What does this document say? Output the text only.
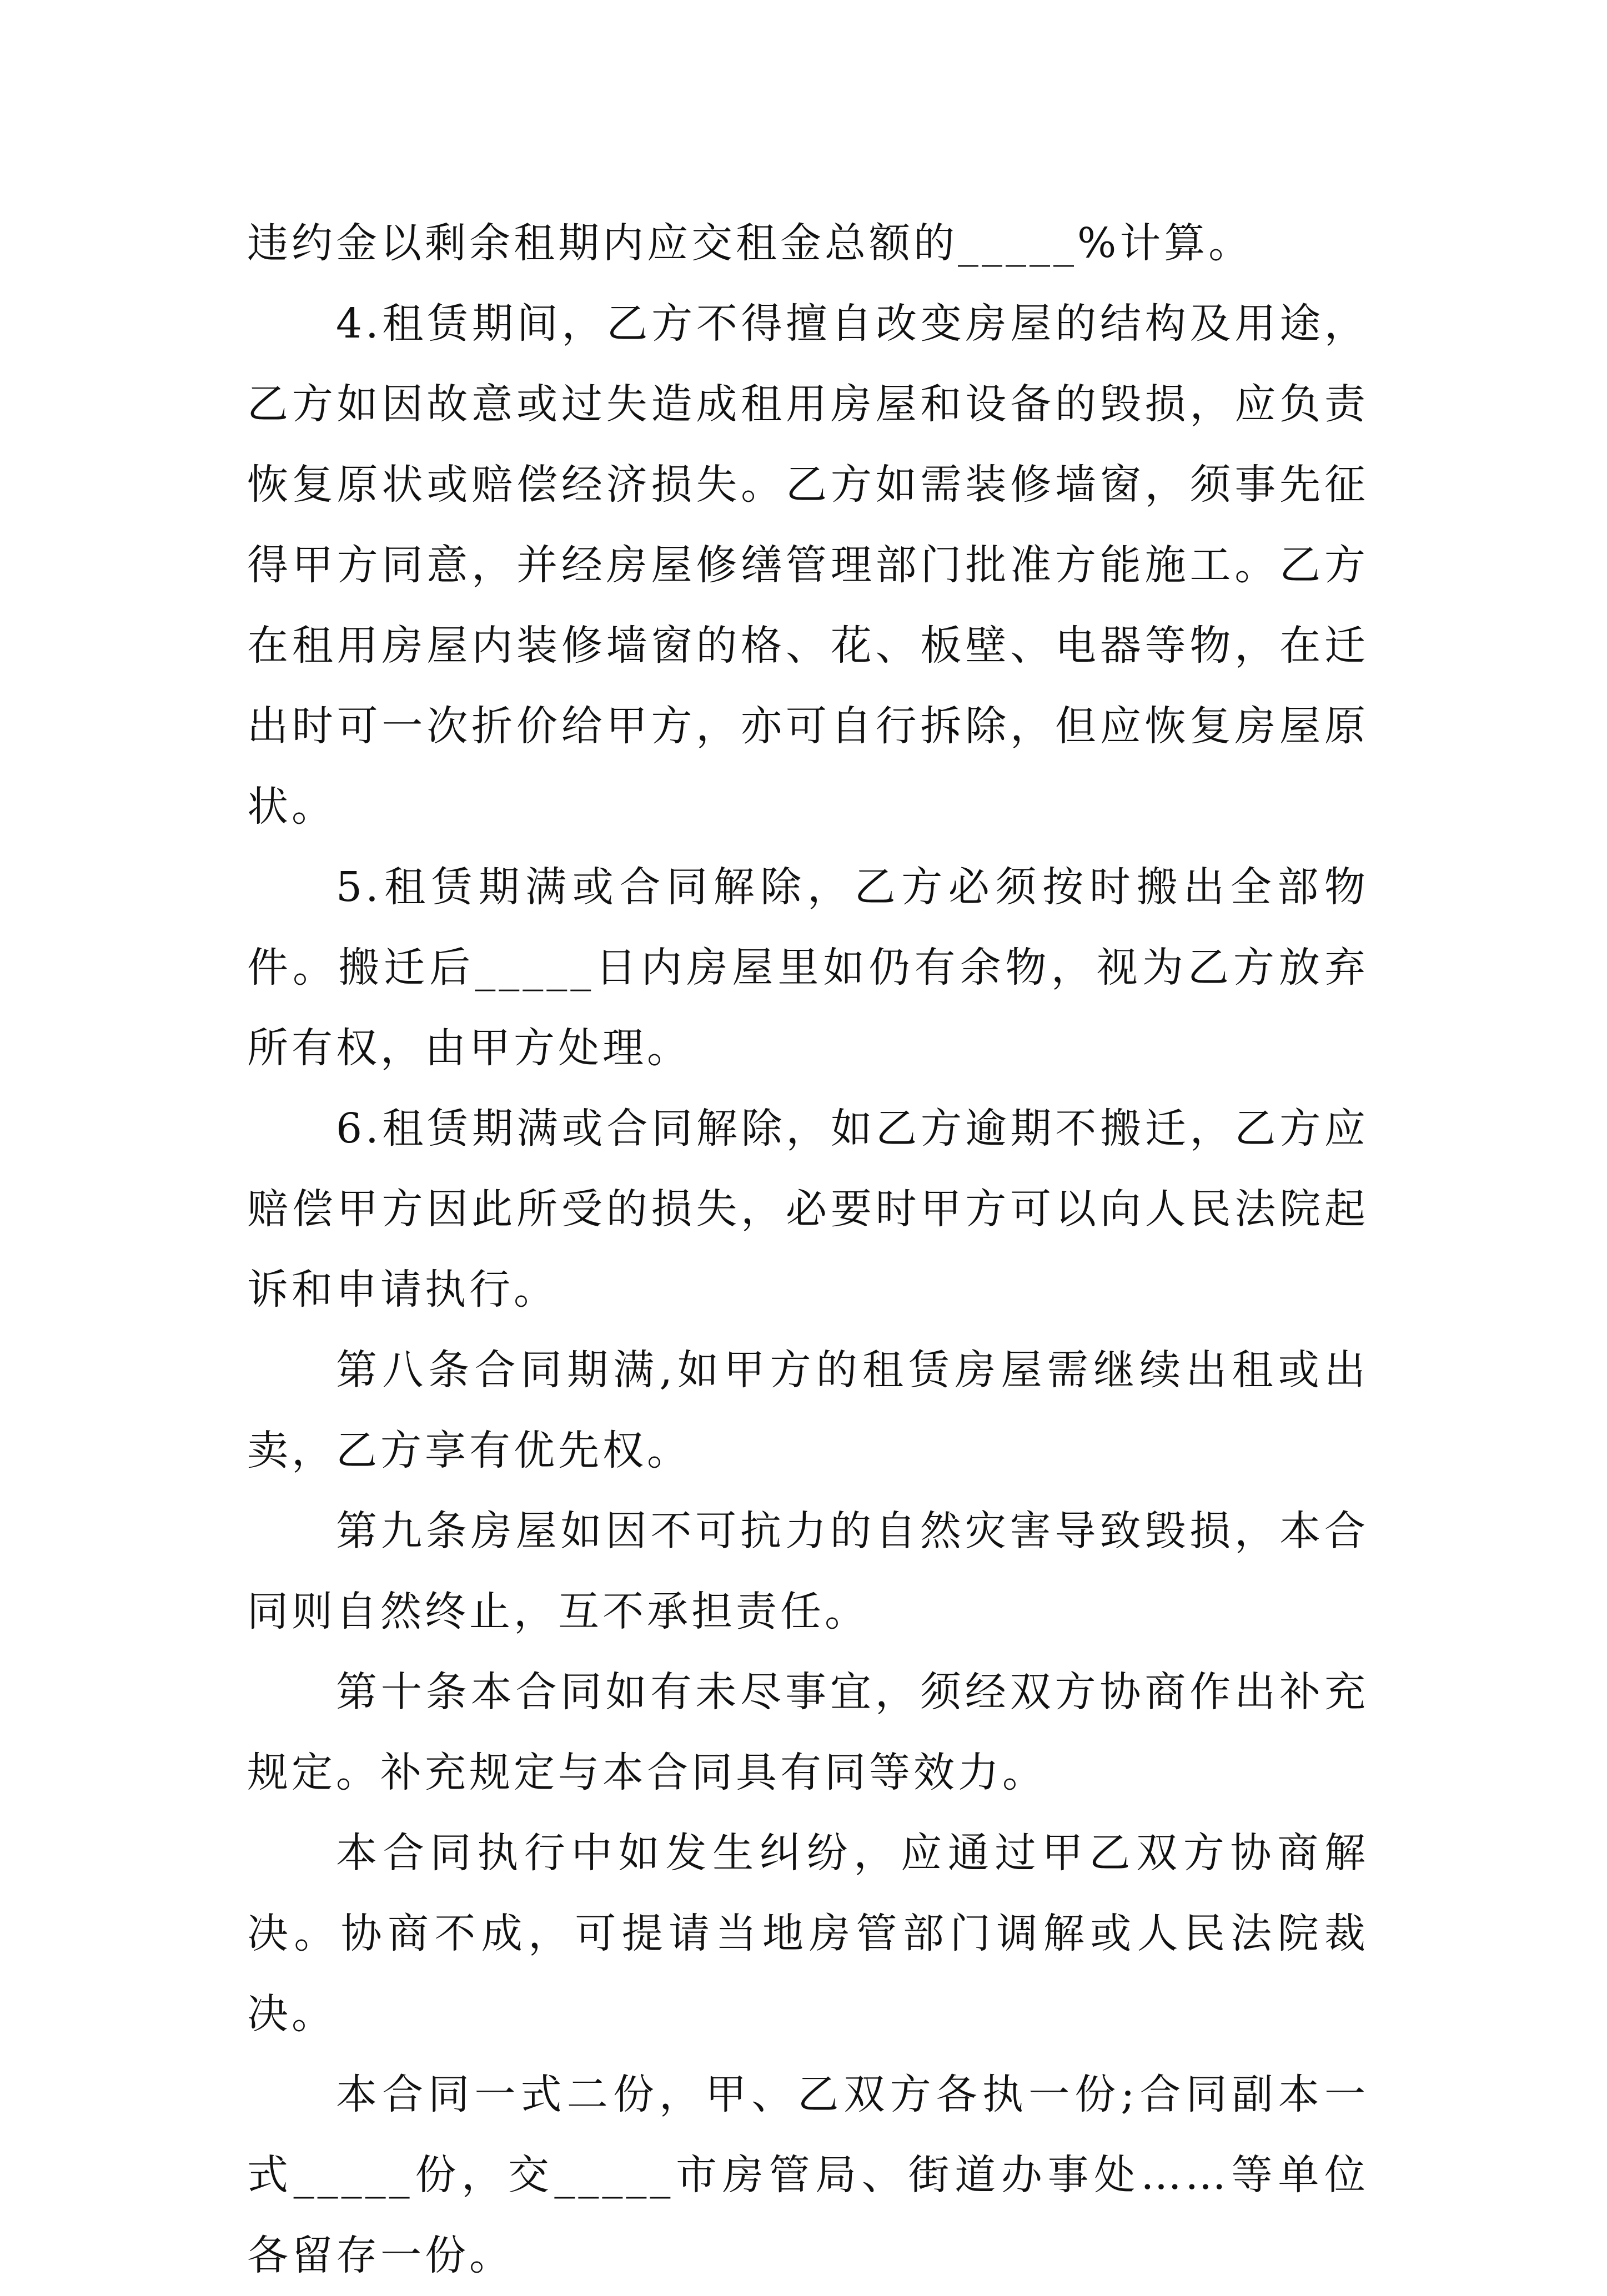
违约金以剩余租期内应交租金总额的_____%计算。

4.租赁期间，乙方不得擅自改变房屋的结构及用途，乙方如因故意或过失造成租用房屋和设备的毁损，应负责恢复原状或赔偿经济损失。乙方如需装修墙窗，须事先征得甲方同意，并经房屋修缮管理部门批准方能施工。乙方在租用房屋内装修墙窗的格、花、板壁、电器等物，在迁出时可一次折价给甲方，亦可自行拆除，但应恢复房屋原状。

5.租赁期满或合同解除，乙方必须按时搬出全部物件。搬迁后_____日内房屋里如仍有余物，视为乙方放弃所有权，由甲方处理。

6.租赁期满或合同解除，如乙方逾期不搬迁，乙方应赔偿甲方因此所受的损失，必要时甲方可以向人民法院起诉和申请执行。

第八条合同期满,如甲方的租赁房屋需继续出租或出卖，乙方享有优先权。

第九条房屋如因不可抗力的自然灾害导致毁损，本合同则自然终止，互不承担责任。

第十条本合同如有未尽事宜，须经双方协商作出补充规定。补充规定与本合同具有同等效力。

本合同执行中如发生纠纷，应通过甲乙双方协商解决。协商不成，可提请当地房管部门调解或人民法院裁决。

本合同一式二份，甲、乙双方各执一份;合同副本一式_____份，交_____市房管局、街道办事处……等单位各留存一份。
